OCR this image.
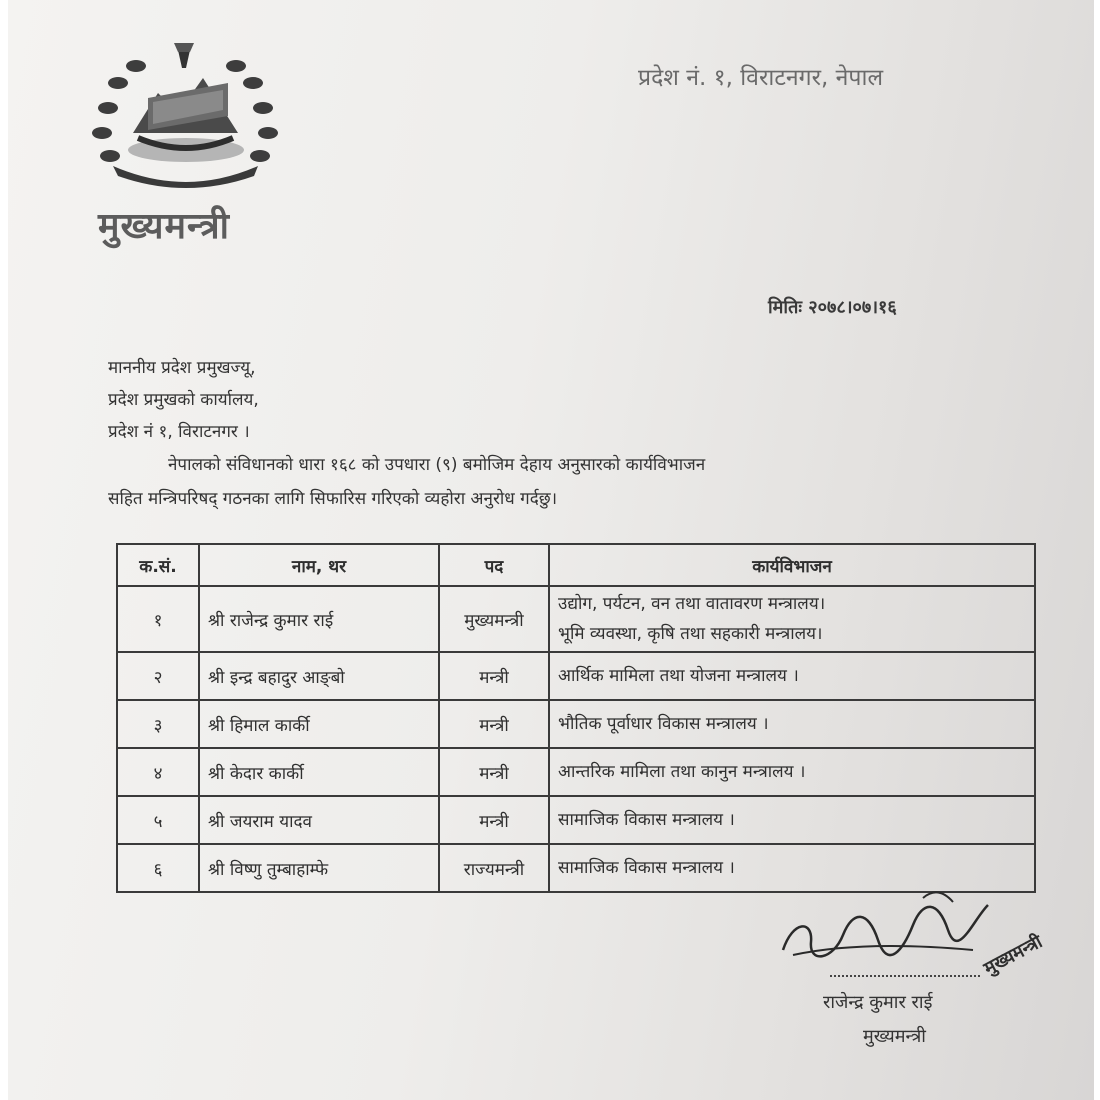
मुख्यमन्त्री
प्रदेश नं. १, विराटनगर, नेपाल
मितिः २०७८।०७।१६
माननीय प्रदेश प्रमुखज्यू,
प्रदेश प्रमुखको कार्यालय,
प्रदेश नं १, विराटनगर ।
नेपालको संविधानको धारा १६८ को उपधारा (९) बमोजिम देहाय अनुसारको कार्यविभाजन
सहित मन्त्रिपरिषद् गठनका लागि सिफारिस गरिएको व्यहोरा अनुरोध गर्दछु।
क.सं.	नाम, थर	पद	कार्यविभाजन
१	श्री राजेन्द्र कुमार राई	मुख्यमन्त्री	उद्योग, पर्यटन, वन तथा वातावरण मन्त्रालय।
भूमि व्यवस्था, कृषि तथा सहकारी मन्त्रालय।

२	श्री इन्द्र बहादुर आङ्बो	मन्त्री	आर्थिक मामिला तथा योजना मन्त्रालय ।
३	श्री हिमाल कार्की	मन्त्री	भौतिक पूर्वाधार विकास मन्त्रालय ।
४	श्री केदार कार्की	मन्त्री	आन्तरिक मामिला तथा कानुन मन्त्रालय ।
५	श्री जयराम यादव	मन्त्री	सामाजिक विकास मन्त्रालय ।
६	श्री विष्णु तुम्बाहाम्फे	राज्यमन्त्री	सामाजिक विकास मन्त्रालय ।
मुख्यमन्त्री
राजेन्द्र कुमार राई
मुख्यमन्त्री
